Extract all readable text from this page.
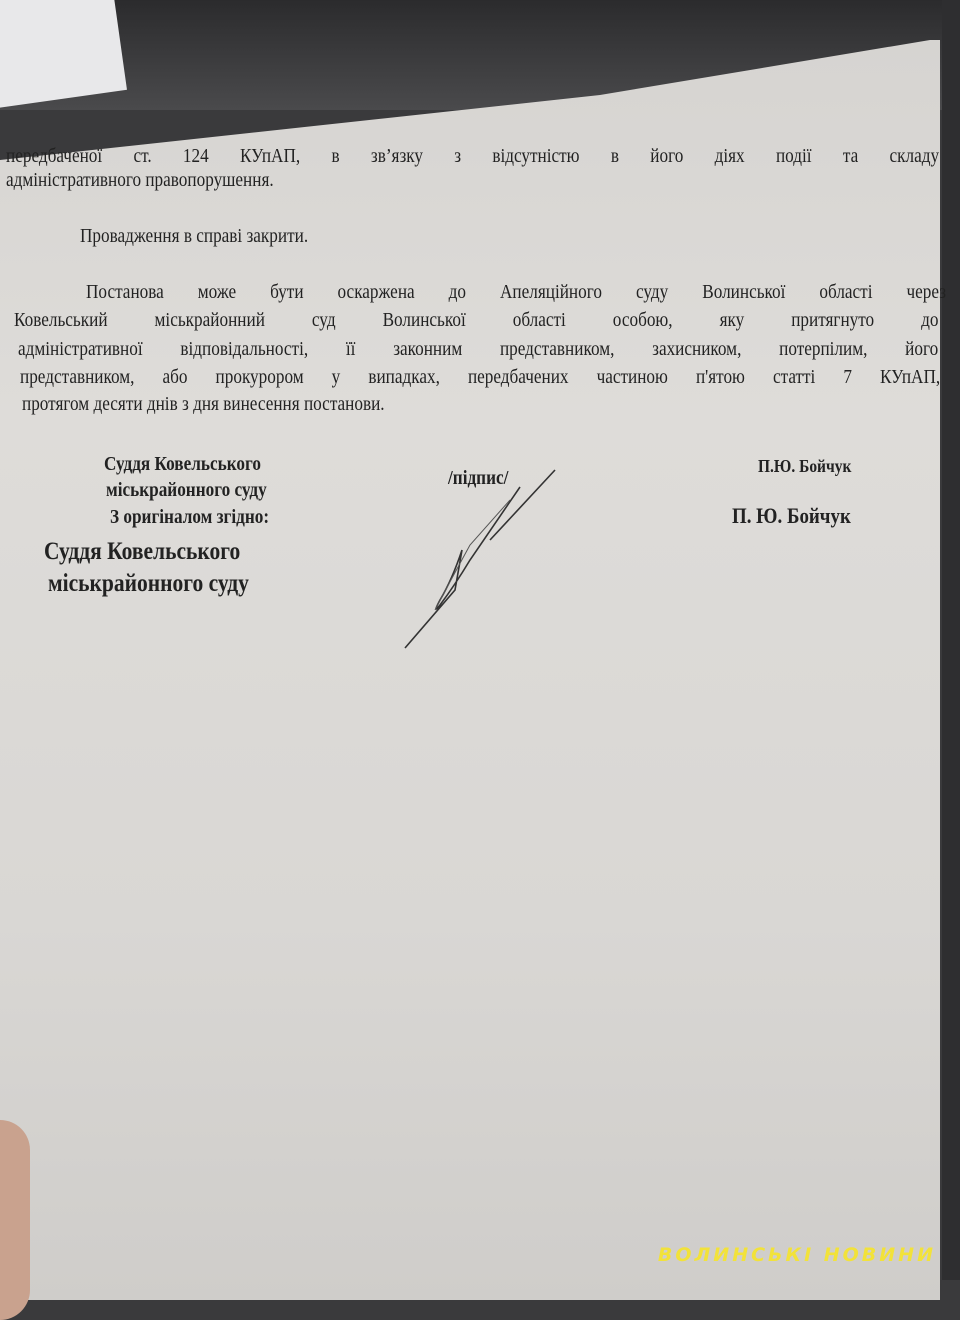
передбаченої ст. 124 КУпАП, в зв’язку з відсутністю в його діях події та складу
адміністративного правопорушення.
Провадження в справі закрити.
Постанова може бути оскаржена до Апеляційного суду Волинської області через
Ковельський міськрайонний суд Волинської області особою, яку притягнуто до
адміністративної відповідальності, її законним представником, захисником, потерпілим, його
представником, або прокурором у випадках, передбачених частиною п'ятою статті 7 КУпАП,
протягом десяти днів з дня винесення постанови.
Суддя Ковельського
міськрайонного суду
З оригіналом згідно:
/підпис/
П.Ю. Бойчук
П. Ю. Бойчук
Суддя Ковельського
міськрайонного суду
ВОЛИНСЬКІ НОВИНИ
